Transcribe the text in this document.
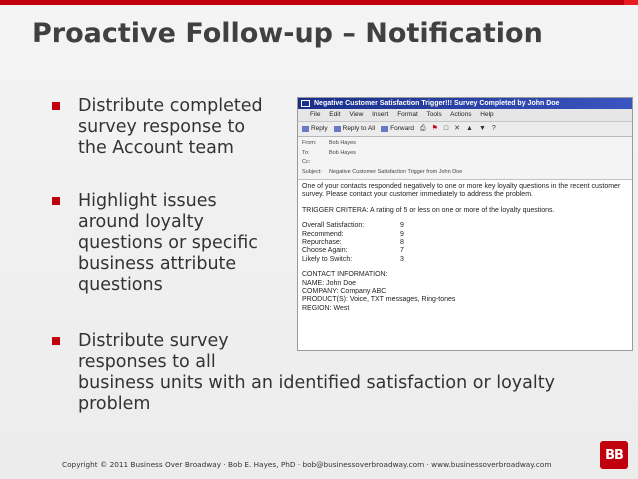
Proactive Follow-up – Notification
Distribute completed
survey response to
the Account team
Highlight issues
around loyalty
questions or specific
business attribute
questions
Distribute survey
responses to all
business units with an identified satisfaction or loyalty
problem
Negative Customer Satisfaction Trigger!!! Survey Completed by John Doe
File Edit View Insert Format Tools Actions Help
Reply Reply to All Forward ⎙ ⚑ □ ✕ ▲ ▼ ?
From:	Bob Hayes
To:	Bob Hayes
Cc:
Subject:	Negative Customer Satisfaction Trigger from John Doe

One of your contacts responded negatively to one or more key loyalty questions in the recent customer survey. Please contact your customer immediately to address the problem.

TRIGGER CRITERA: A rating of 5 or less on one or more of the loyalty questions.

Overall Satisfaction:	9
Recommend:	9
Repurchase:	8
Choose Again:	7
Likely to Switch:	3
CONTACT INFORMATION:
NAME: John Doe
COMPANY: Company ABC
PRODUCT(S): Voice, TXT messages, Ring-tones
REGION: West
Copyright © 2011 Business Over Broadway · Bob E. Hayes, PhD · bob@businessoverbroadway.com · www.businessoverbroadway.com
BB
